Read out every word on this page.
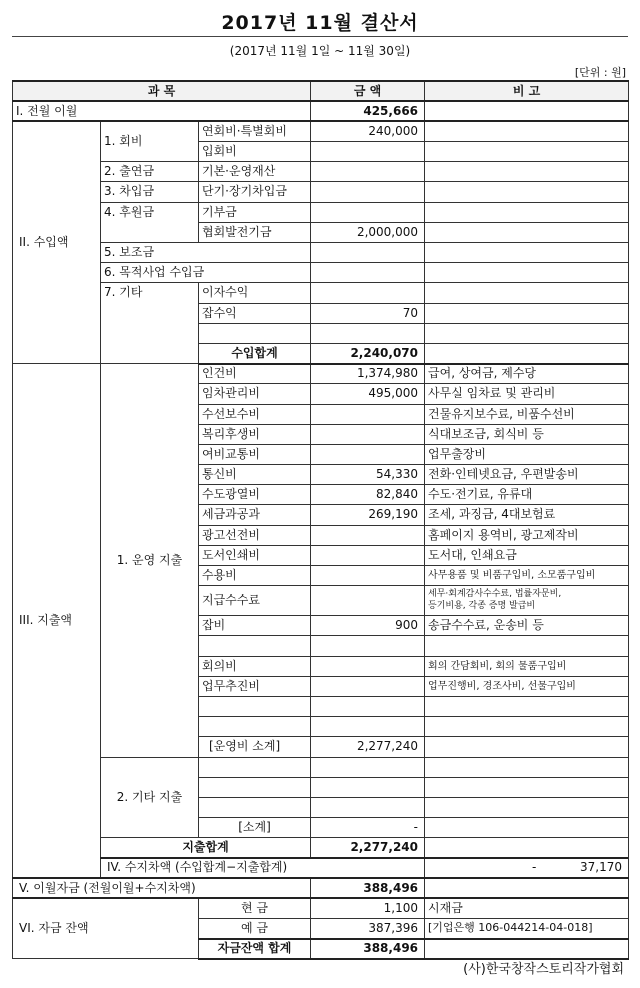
2017년 11월 결산서
(2017년 11월 1일 ~ 11월 30일)
[단위 : 원]
과 목			금 액	비 고	
I. 전월 이월			425,666		
II. 수입액	1. 회비	연회비·특별회비	240,000		
		입회비			
	2. 출연금	기본·운영재산			
	3. 차입금	단기·장기차입금			
	4. 후원금	기부금			
		협회발전기금	2,000,000		
	5. 보조금				
	6. 목적사업 수입금				
	7. 기타	이자수익			
		잡수익	70		

		수입합계	2,240,070		
III. 지출액	1. 운영 지출	인건비	1,374,980	급여, 상여금, 제수당	
		임차관리비	495,000	사무실 임차료 및 관리비	
		수선보수비		건물유지보수료, 비품수선비	
		복리후생비		식대보조금, 회식비 등	
		여비교통비		업무출장비	
		통신비	54,330	전화·인테넷요금, 우편발송비	
		수도광열비	82,840	수도·전기료, 유류대	
		세금과공과	269,190	조세, 과징금, 4대보험료	
		광고선전비		홈페이지 용역비, 광고제작비	
		도서인쇄비		도서대, 인쇄요금	
		수용비		사무용품 및 비품구입비, 소모품구입비	
		지급수수료		세무·회계감사수수료, 법률자문비,
등기비용, 각종 증명 발급비	

		잡비	900	송금수수료, 운송비 등	

		회의비		회의 간담회비, 회의 물품구입비	
		업무추진비		업무진행비, 경조사비, 선물구입비	

		[운영비 소계]	2,277,240		
	2. 기타 지출				

		[소계]	-		
	지출합계		2,277,240		
	IV. 수지차액 (수입합계−지출합계)			- 37,170	
V. 이월자금 (전월이월+수지차액)			388,496		
VI. 자금 잔액		현 금	1,100	시재금	
		예 금	387,396	[기업은행 106-044214-04-018]	
		자금잔액 합계	388,496		
(사)한국창작스토리작가협회
